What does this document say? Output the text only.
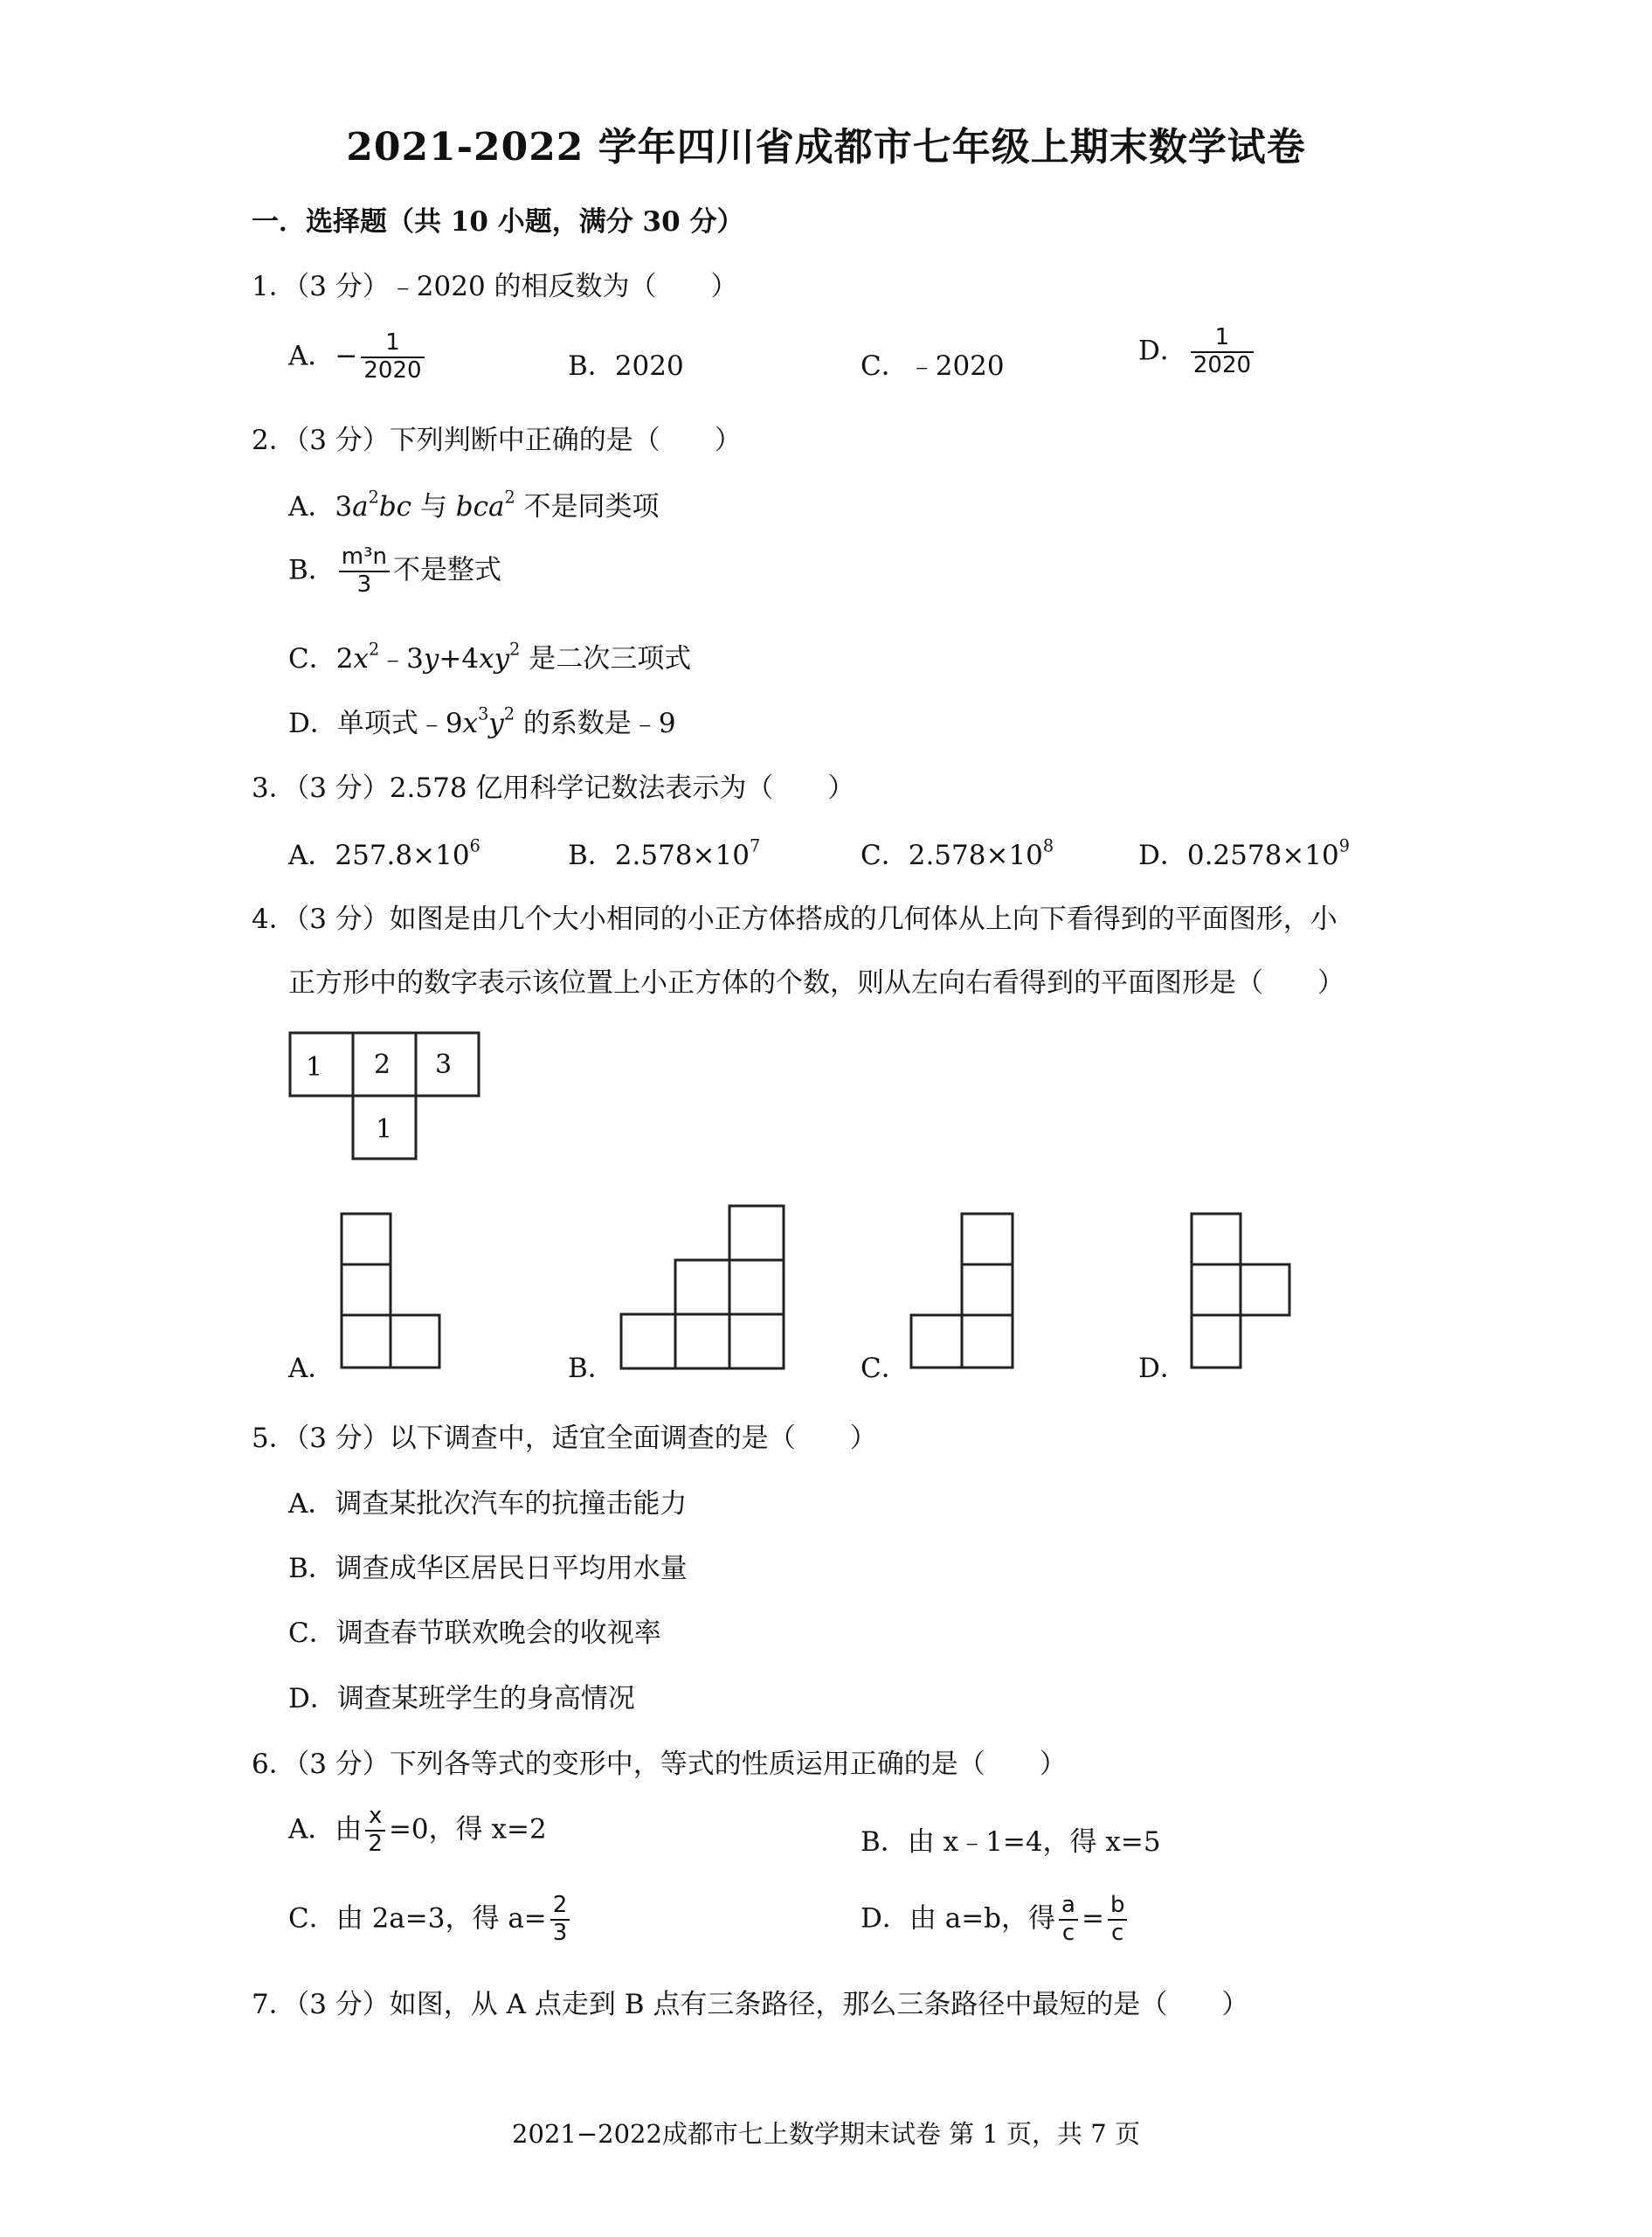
2021-2022 学年四川省成都市七年级上期末数学试卷
一．选择题（共 10 小题，满分 30 分）
1．（3 分）﹣2020 的相反数为（　　）
A．− $\frac{1}{2020}$	B．2020	C．﹣2020	D． $\frac{1}{2020}$
2．（3 分）下列判断中正确的是（　　）
A．$3a^2bc$ 与 bca$^2$ 不是同类项
B． $\frac{\text{m³n}}{3}$ 不是整式
C．$2x^2﹣3y+4xy^2$ 是二次三项式
D．单项式$﹣9x^3y^2$ 的系数是﹣9
3．（3 分）2.578 亿用科学记数法表示为（　　）
A．$257.8\times 10^6$	B．$2.578\times 10^7$	C．$2.578\times 10^8$	D．$0.2578\times 10^9$
4．（3 分）如图是由几个大小相同的小正方体搭成的几何体从上向下看得到的平面图形，小
正方形中的数字表示该位置上小正方体的个数，则从左向右看得到的平面图形是（　　）
1 2 3
1
A．	B．	C．	D．
5．（3 分）以下调查中，适宜全面调查的是（　　）
A．调查某批次汽车的抗撞击能力
B．调查成华区居民日平均用水量
C．调查春节联欢晚会的收视率
D．调查某班学生的身高情况
6．（3 分）下列各等式的变形中，等式的性质运用正确的是（　　）
A．由 $\frac{x}{2} =0$，得 x=2	B．由 x﹣1=4，得 x=5
C．由 2a=3，得 $a= \frac{2}{3}$	D．由 a=b，得 $\frac{a}{c} = \frac{b}{c}$
7．（3 分）如图，从 A 点走到 B 点有三条路径，那么三条路径中最短的是（　　）
2021−2022成都市七上数学期末试卷 第 1 页，共 7 页
